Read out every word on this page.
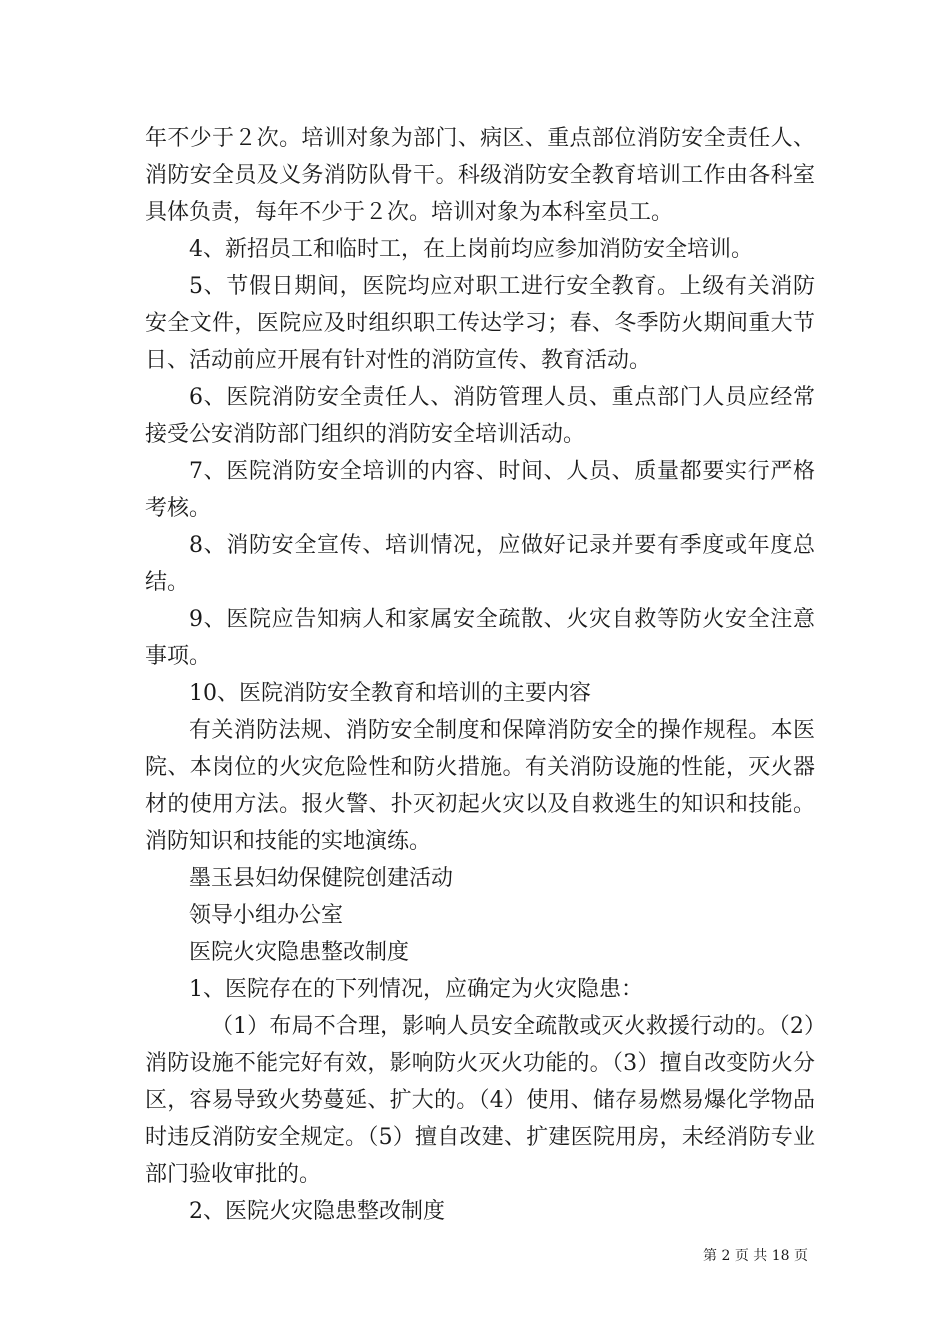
年不少于２次。培训对象为部门、病区、重点部位消防安全责任人、消防安全员及义务消防队骨干。科级消防安全教育培训工作由各科室具体负责，每年不少于２次。培训对象为本科室员工。

4、新招员工和临时工，在上岗前均应参加消防安全培训。

5、节假日期间，医院均应对职工进行安全教育。上级有关消防安全文件，医院应及时组织职工传达学习；春、冬季防火期间重大节日、活动前应开展有针对性的消防宣传、教育活动。

6、医院消防安全责任人、消防管理人员、重点部门人员应经常接受公安消防部门组织的消防安全培训活动。

7、医院消防安全培训的内容、时间、人员、质量都要实行严格考核。

8、消防安全宣传、培训情况，应做好记录并要有季度或年度总结。

9、医院应告知病人和家属安全疏散、火灾自救等防火安全注意事项。

10、医院消防安全教育和培训的主要内容

有关消防法规、消防安全制度和保障消防安全的操作规程。本医院、本岗位的火灾危险性和防火措施。有关消防设施的性能，灭火器材的使用方法。报火警、扑灭初起火灾以及自救逃生的知识和技能。消防知识和技能的实地演练。

墨玉县妇幼保健院创建活动

领导小组办公室

医院火灾隐患整改制度

1、医院存在的下列情况，应确定为火灾隐患：

（1）布局不合理，影响人员安全疏散或灭火救援行动的。（2）消防设施不能完好有效，影响防火灭火功能的。（3）擅自改变防火分区，容易导致火势蔓延、扩大的。（4）使用、储存易燃易爆化学物品时违反消防安全规定。（5）擅自改建、扩建医院用房，未经消防专业部门验收审批的。

2、医院火灾隐患整改制度

第 2 页 共 18 页
